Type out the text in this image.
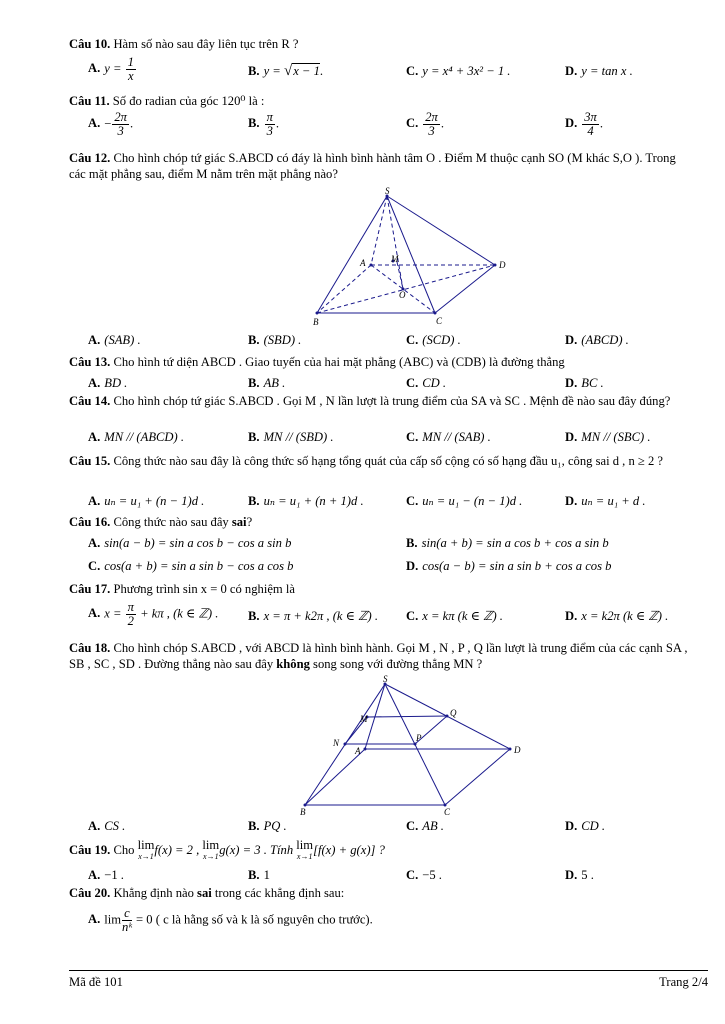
Câu 10. Hàm số nào sau đây liên tục trên R ?
A. $y = \frac{1}{x}$	B. y = √x − 1.	C. y = x⁴ + 3x² − 1 .	D. y = tan x .
Câu 11. Số đo radian của góc 120⁰ là :
A. − $\frac{2\pi}{3}$ .	B. $\frac{\pi}{3}$ .	C. $\frac{2\pi}{3}$ .	D. $\frac{3\pi}{4}$ .
Câu 12. Cho hình chóp tứ giác S.ABCD có đáy là hình bình hành tâm O . Điểm M thuộc cạnh SO (M khác S,O ). Trong các mặt phẳng sau, điểm M nằm trên mặt phẳng nào?
S
A	M
D
O
B	C
A. (SAB) .	B. (SBD) .	C. (SCD) .	D. (ABCD) .
Câu 13. Cho hình tứ diện ABCD . Giao tuyến của hai mặt phẳng (ABC) và (CDB) là đường thẳng
A. BD .	B. AB .	C. CD .	D. BC .
Câu 14. Cho hình chóp tứ giác S.ABCD . Gọi M , N lần lượt là trung điểm của SA và SC . Mệnh đề nào sau đây đúng?
A. MN // (ABCD) .	B. MN // (SBD) .	C. MN // (SAB) .	D. MN // (SBC) .
Câu 15. Công thức nào sau đây là công thức số hạng tổng quát của cấp số cộng có số hạng đầu u₁, công sai d , n ≥ 2 ?
A. uₙ = u₁ + (n − 1)d .	B. uₙ = u₁ + (n + 1)d .	C. uₙ = u₁ − (n − 1)d .	D. uₙ = u₁ + d .
Câu 16. Công thức nào sau đây sai?
A. sin(a − b) = sin a cos b − cos a sin b	B. sin(a + b) = sin a cos b + cos a sin b
C. cos(a + b) = sin a sin b − cos a cos b	D. cos(a − b) = sin a sin b + cos a cos b
Câu 17. Phương trình sin x = 0 có nghiệm là
A. $x = \frac{\pi}{2} + k\pi$ , (k ∈ ℤ) . B. x = π + k2π , (k ∈ ℤ) . C. x = kπ (k ∈ ℤ) .	D. x = k2π (k ∈ ℤ) .
Câu 18. Cho hình chóp S.ABCD , với ABCD là hình bình hành. Gọi M , N , P , Q lần lượt là trung điểm của các cạnh SA , SB , SC , SD . Đường thẳng nào sau đây không song song với đường thẳng MN ?
S
M
Q
N	P
A	D
B	C
A. CS .	B. PQ .	C. AB .	D. CD .
Câu 19. Cho lim
x→1 f(x) = 2 , lim
x→1 g(x) = 3 . Tính lim
x→1 [f(x) + g(x)] ?
A. −1 .	B. 1	C. −5 .	D. 5 .
Câu 20. Khẳng định nào sai trong các khẳng định sau:
A. $\lim \frac{c}{\text{nᵏ}} = 0$ ( c là hằng số và k là số nguyên cho trước).
Mã đề 101	Trang 2/4
